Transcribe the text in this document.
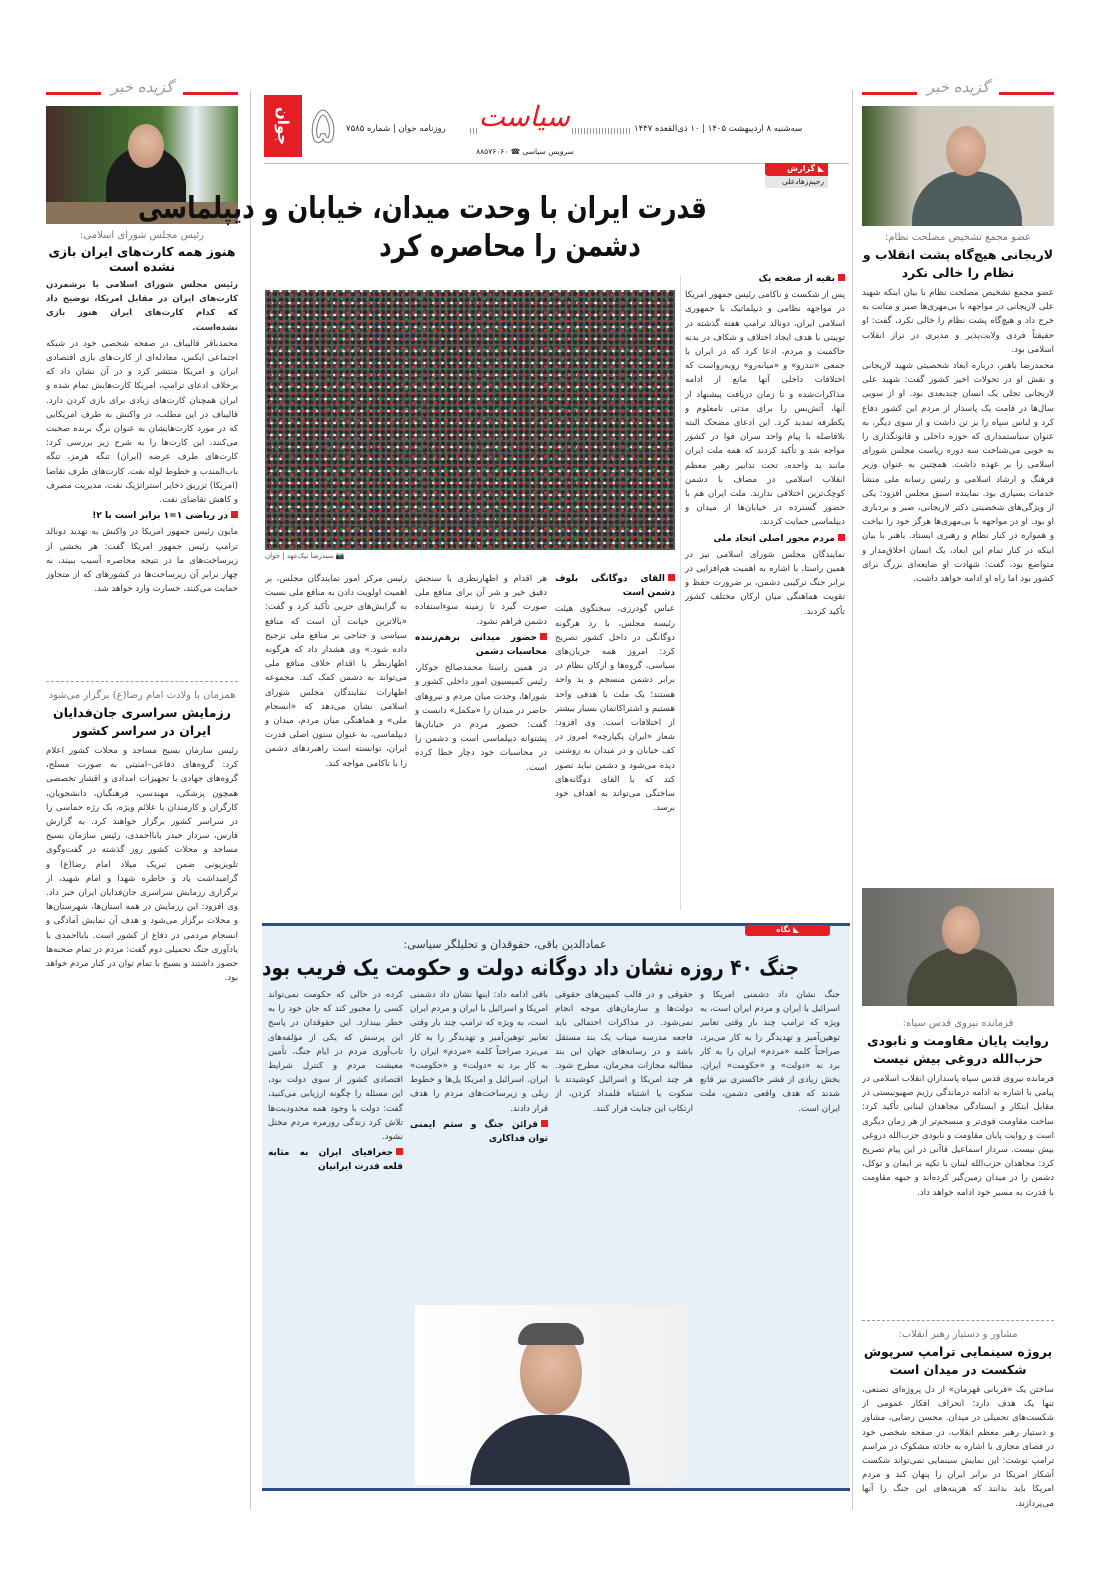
گزیده خبر
رئیس مجلس شورای اسلامی:
هنوز همه کارت‌های ایران بازی نشده است

رئیس مجلس شورای اسلامی با برشمردن کارت‌های ایران در مقابل امریکا، توضیح داد که کدام کارت‌های ایران هنوز بازی نشده‌است.

محمدباقر قالیباف در صفحه شخصی خود در شبکه اجتماعی ایکس، معادله‌ای از کارت‌های بازی اقتصادی ایران و امریکا منتشر کرد و در آن نشان داد که برخلاف ادعای ترامپ، امریکا کارت‌هایش تمام شده و ایران همچنان کارت‌های زیادی برای بازی کردن دارد. قالیباف در این مطلب، در واکنش به طرف امریکایی که در مورد کارت‌هایشان به عنوان برگ برنده صحبت می‌کنند، این کارت‌ها را به شرح زیر بررسی کرد: کارت‌های طرف عرضه (ایران) تنگه هرمز، تنگه باب‌المندب و خطوط لوله نفت. کارت‌های طرف تقاضا (امریکا) تزریق ذخایر استراتژیک نفت، مدیریت مصرف و کاهش تقاضای نفت.

در ریاضی ۱=۱ برابر است با ۲!

مایون رئیس جمهور امریکا در واکنش به تهدید دونالد ترامپ رئیس جمهور امریکا گفت: هر بخشی از زیرساخت‌های ما در نتیجه محاصره آسیب ببیند، به چهار برابر آن زیرساخت‌ها در کشورهای که از متجاوز حمایت می‌کنند، خسارت وارد خواهد شد.

همزمان با ولادت امام رضا(ع) برگزار می‌شود
رزمایش سراسری جان‌فدایان ایران در سراسر کشور
رئیس سازمان بسیج مساجد و محلات کشور اعلام کرد: گروه‌های دفاعی–امنیتی به صورت مسلح، گروه‌های جهادی با تجهیزات امدادی و اقشار تخصصی همچون پزشکی، مهندسی، فرهنگیان، دانشجویان، کارگران و کارمندان با علائم ویژه، یک رژه حماسی را در سراسر کشور برگزار خواهند کرد. به گزارش فارس، سردار حیدر بابااحمدی، رئیس سازمان بسیج مساجد و محلات کشور روز گذشته در گفت‌وگوی تلویزیونی ضمن تبریک میلاد امام رضا(ع) و گرامیداشت یاد و خاطره شهدا و امام شهید، از برگزاری رزمایش سراسری جان‌فدایان ایران خبر داد. وی افزود: این رزمایش در همه استان‌ها، شهرستان‌ها و محلات برگزار می‌شود و هدف آن نمایش آمادگی و انسجام مردمی در دفاع از کشور است. بابااحمدی با یادآوری جنگ تحمیلی دوم گفت: مردم در تمام صحنه‌ها حضور داشتند و بسیج با تمام توان در کنار مردم خواهد بود.
گزیده خبر
عضو مجمع تشخیص مصلحت نظام:
لاریجانی هیچ‌گاه پشت انقلاب و نظام را خالی نکرد

عضو مجمع تشخیص مصلحت نظام با بیان اینکه شهید علی لاریجانی در مواجهه با بی‌مهری‌ها صبر و متانت به خرج داد و هیچ‌گاه پشت نظام را خالی نکرد، گفت: او حقیقتاً فردی ولایت‌پذیر و مدیری در تراز انقلاب اسلامی بود.

محمدرضا باهنر، درباره ابعاد شخصیتی شهید لاریجانی و نقش او در تحولات اخیر کشور گفت: شهید علی لاریجانی تجلی یک انسان چندبعدی بود. او از سویی سال‌ها در قامت یک پاسدار از مردم این کشور دفاع کرد و لباس سپاه را بر تن داشت و از سوی دیگر، به عنوان سیاستمداری که حوزه داخلی و قانونگذاری را به خوبی می‌شناخت سه دوره ریاست مجلس شورای اسلامی را بر عهده داشت. همچنین به عنوان وزیر فرهنگ و ارشاد اسلامی و رئیس رسانه ملی منشأ خدمات بسیاری بود. نماینده اسبق مجلس افزود: یکی از ویژگی‌های شخصیتی دکتر لاریجانی، صبر و بردباری او بود. او در مواجهه با بی‌مهری‌ها هرگز خود را نباخت و همواره در کنار نظام و رهبری ایستاد. باهنر با بیان اینکه در کنار تمام این ابعاد، یک انسان اخلاق‌مدار و متواضع بود، گفت: شهادت او ضایعه‌ای بزرگ برای کشور بود اما راه او ادامه خواهد داشت.

فرمانده نیروی قدس سپاه:
روایت پایان مقاومت و نابودی حزب‌الله دروغی بیش نیست
فرمانده نیروی قدس سپاه پاسداران انقلاب اسلامی در پیامی با اشاره به ادامه درماندگی رژیم صهیونیستی در مقابل ابتکار و ایستادگی مجاهدان لبنانی تأکید کرد: ساخت مقاومت قوی‌تر و منسجم‌تر از هر زمان دیگری است و روایت پایان مقاومت و نابودی حزب‌الله دروغی بیش نیست. سردار اسماعیل قاآنی در این پیام تصریح کرد: مجاهدان حزب‌الله لبنان با تکیه بر ایمان و توکل، دشمن را در میدان زمین‌گیر کرده‌اند و جبهه مقاومت با قدرت به مسیر خود ادامه خواهد داد.
مشاور و دستیار رهبر انقلاب:
پروژه سینمایی ترامپ سرپوش شکست در میدان است
ساختن یک «قربانی قهرمان» از دل پروژه‌ای تصنعی، تنها یک هدف دارد؛ انحراف افکار عمومی از شکست‌های تحمیلی در میدان. محسن رضایی، مشاور و دستیار رهبر معظم انقلاب، در صفحه شخصی خود در فضای مجازی با اشاره به حادثه مشکوک در مراسم ترامپ نوشت: این نمایش سینمایی نمی‌تواند شکست آشکار امریکا در برابر ایران را پنهان کند و مردم امریکا باید بدانند که هزینه‌های این جنگ را آنها می‌پردازند.
جوان ۵	روزنامه جوان | شماره ۷۵۸۵	سیاست
سرویس سیاسی ☎ ۸۸۵۷۶۰۶۰
سه‌شنبه ۸ اردیبهشت ۱۴۰۵ | ۱۰ ذی‌القعده ۱۴۴۷
◣ گزارش
رحیم‌زهادعلی
قدرت ایران با وحدت میدان، خیابان و دیپلماسی
دشمن را محاصره کرد
📷 سیدرضا نیک‌عهد | جوان

بقیه از صفحه یک

پس از شکست و ناکامی رئیس جمهور امریکا در مواجهه نظامی و دیپلماتیک با جمهوری اسلامی ایران، دونالد ترامپ هفته گذشته در توییتی با هدف ایجاد اختلاف و شکاف در بدنه حاکمیت و مردم، ادعا کرد که در ایران با جمعی «تندرو» و «میانه‌رو» روبه‌رواست که اختلافات داخلی آنها مانع از ادامه مذاکرات‌شده و تا زمان دریافت پیشنهاد از آنها، آتش‌بس را برای مدتی نامعلوم و یکطرفه تمدید کرد. این ادعای مضحک البته بلافاصله با پیام واحد سران قوا در کشور مواجه شد و تأکید کردند که همه ملت ایران مانند ید واحده، تحت تدابیر رهبر معظم انقلاب اسلامی در مصاف با دشمن کوچک‌ترین اختلافی ندارند. ملت ایران هم با حضور گسترده در خیابان‌ها از میدان و دیپلماسی حمایت کردند.

مردم محور اصلی اتحاد ملی

نمایندگان مجلس شورای اسلامی نیز در همین راستا، با اشاره به اهمیت هم‌افزایی در برابر جنگ ترکیبی دشمن، بر ضرورت حفظ و تقویت هماهنگی میان ارکان مختلف کشور تأکید کردند.

القای دوگانگی بلوف دشمن است

عباس گودرزی، سخنگوی هیئت رئیسه مجلس، با رد هرگونه دوگانگی در داخل کشور تصریح کرد: امروز همه جریان‌های سیاسی، گروه‌ها و ارکان نظام در برابر دشمن منسجم و ید واحد هستند؛ یک ملت با هدفی واحد هستیم و اشتراکاتمان بسیار بیشتر از اختلافات است. وی افزود: شعار «ایران یکپارچه» امروز در کف خیابان و در میدان به روشنی دیده می‌شود و دشمن نباید تصور کند که با القای دوگانه‌های ساختگی می‌تواند به اهداف خود برسد.

هر اقدام و اظهارنظری با سنجش دقیق خیر و شر آن برای منافع ملی صورت گیرد تا زمینه سوءاستفاده دشمن فراهم نشود.

حضور میدانی برهم‌زننده محاسبات دشمن

در همین راستا محمدصالح جوکار، رئیس کمیسیون امور داخلی کشور و شوراها، وحدت میان مردم و نیروهای حاضر در میدان را «مکمل» دانست و گفت: حضور مردم در خیابان‌ها پشتوانه دیپلماسی است و دشمن را در محاسبات خود دچار خطا کرده است.

رئیس مرکز امور نمایندگان مجلس، بر اهمیت اولویت دادن به منافع ملی نسبت به گرایش‌های حزبی تأکید کرد و گفت: «بالاترین خیانت آن است که منافع سیاسی و جناحی بر منافع ملی ترجیح داده شود.» وی هشدار داد که هرگونه اظهارنظر یا اقدام خلاف منافع ملی می‌تواند به دشمن کمک کند. مجموعه اظهارات نمایندگان مجلس شورای اسلامی نشان می‌دهد که «انسجام ملی» و هماهنگی میان مردم، میدان و دیپلماسی، به عنوان ستون اصلی قدرت ایران، توانسته است راهبردهای دشمن را با ناکامی مواجه کند.

◣ نگاه
عمادالدین باقی، حقوقدان و تحلیلگر سیاسی:
جنگ ۴۰ روزه نشان داد دوگانه دولت و حکومت یک فریب بود
جنگ نشان داد دشمنی امریکا و اسرائیل با ایران و مردم ایران است، به ویژه که ترامپ چند بار وقتی تعابیر توهین‌آمیز و تهدیدگر را به کار می‌برد، صراحتاً کلمه «مردم» ایران را به کار برد نه «دولت» و «حکومت» ایران. بخش زیادی از قشر خاکستری نیز قانع شدند که هدف واقعی دشمن، ملت ایران است.
حقوقی و در قالب کمپین‌های حقوقی دولت‌ها و سازمان‌های موجه انجام نمی‌شود. در مذاکرات احتمالی باید فاجعه مدرسه میناب یک بند مستقل باشد و در رسانه‌های جهان این بند مطالبه مجازات مجرمان، مطرح شود. هر چند امریکا و اسرائیل کوشیدند با سکوت یا اشتباه قلمداد کردن، از ارتکاب این جنایت فرار کنند.

باقی ادامه داد: اینها نشان داد دشمنی امریکا و اسرائیل با ایران و مردم ایران است، به ویژه که ترامپ چند بار وقتی تعابیر توهین‌آمیز و تهدیدگر را به کار می‌برد صراحتاً کلمه «مردم» ایران را به کار برد نه «دولت» و «حکومت» ایران. اسرائیل و امریکا پل‌ها و خطوط ریلی و زیرساخت‌های مردم را هدف قرار دادند.

قرائن جنگ و ستم ایمنی توان فداکاری

کرده در حالی که حکومت نمی‌تواند کسی را مجبور کند که جان خود را به خطر بیندازد. این حقوقدان در پاسخ این پرسش که یکی از مؤلفه‌های تاب‌آوری مردم در ایام جنگ، تأمین معیشت مردم و کنترل شرایط اقتصادی کشور از سوی دولت بود، این مسئله را چگونه ارزیابی می‌کنید، گفت: دولت با وجود همه محدودیت‌ها تلاش کرد زندگی روزمره مردم مختل نشود.

جغرافیای ایران به مثابه قلعه قدرت ایرانیان
